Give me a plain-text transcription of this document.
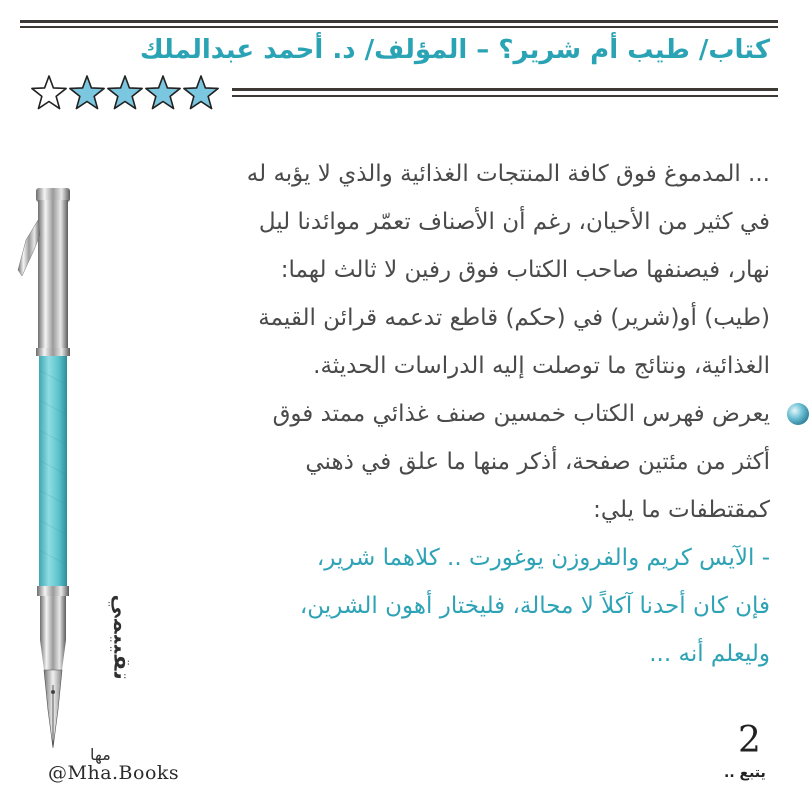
كتاب/ طيب أم شرير؟ – المؤلف/ د. أحمد عبدالملك
تقييمي
... المدموغ فوق كافة المنتجات الغذائية والذي لا يؤبه له
في كثير من الأحيان، رغم أن الأصناف تعمّر موائدنا ليل
نهار، فيصنفها صاحب الكتاب فوق رفين لا ثالث لهما:
(طيب) أو(شرير) في (حكم) قاطع تدعمه قرائن القيمة
الغذائية، ونتائج ما توصلت إليه الدراسات الحديثة.
يعرض فهرس الكتاب خمسين صنف غذائي ممتد فوق
أكثر من مئتين صفحة، أذكر منها ما علق في ذهني
كمقتطفات ما يلي:
- الآيس كريم والفروزن يوغورت .. كلاهما شرير،
فإن كان أحدنا آكلاً لا محالة، فليختار أهون الشرين،
وليعلم أنه ...
مها
@Mha.Books
2
يتبع ..
